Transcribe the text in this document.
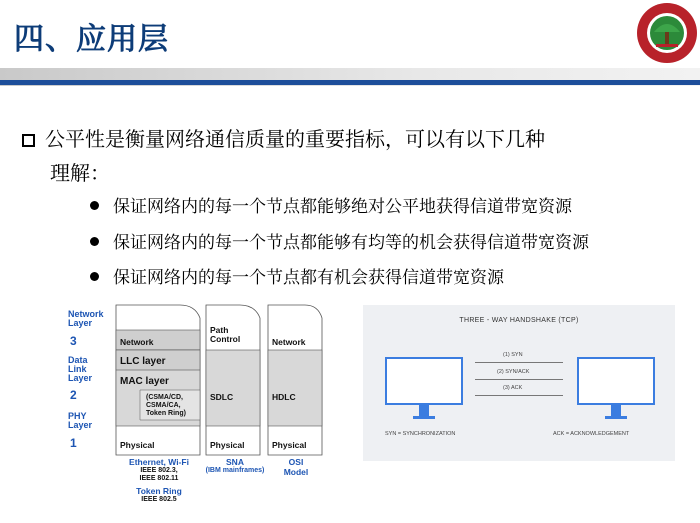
四、应用层
公平性是衡量网络通信质量的重要指标，可以有以下几种
理解：
保证网络内的每一个节点都能够绝对公平地获得信道带宽资源
保证网络内的每一个节点都能够有均等的机会获得信道带宽资源
保证网络内的每一个节点都有机会获得信道带宽资源
Network
Layer
3
Data
Link
Layer
2
PHY
Layer
1
Network
LLC layer
MAC layer
(CSMA/CD,
CSMA/CA,
Token Ring)
Physical
Path
Control
SDLC
Physical
Network
HDLC
Physical
Ethernet, Wi-Fi
IEEE 802.3,
IEEE 802.11
Token Ring
IEEE 802.5
SNA
(IBM mainframes)
OSI
Model
THREE - WAY HANDSHAKE (TCP)
(1) SYN
(2) SYN/ACK
(3) ACK
SYN = SYNCHRONIZATION	ACK = ACKNOWLEDGEMENT
